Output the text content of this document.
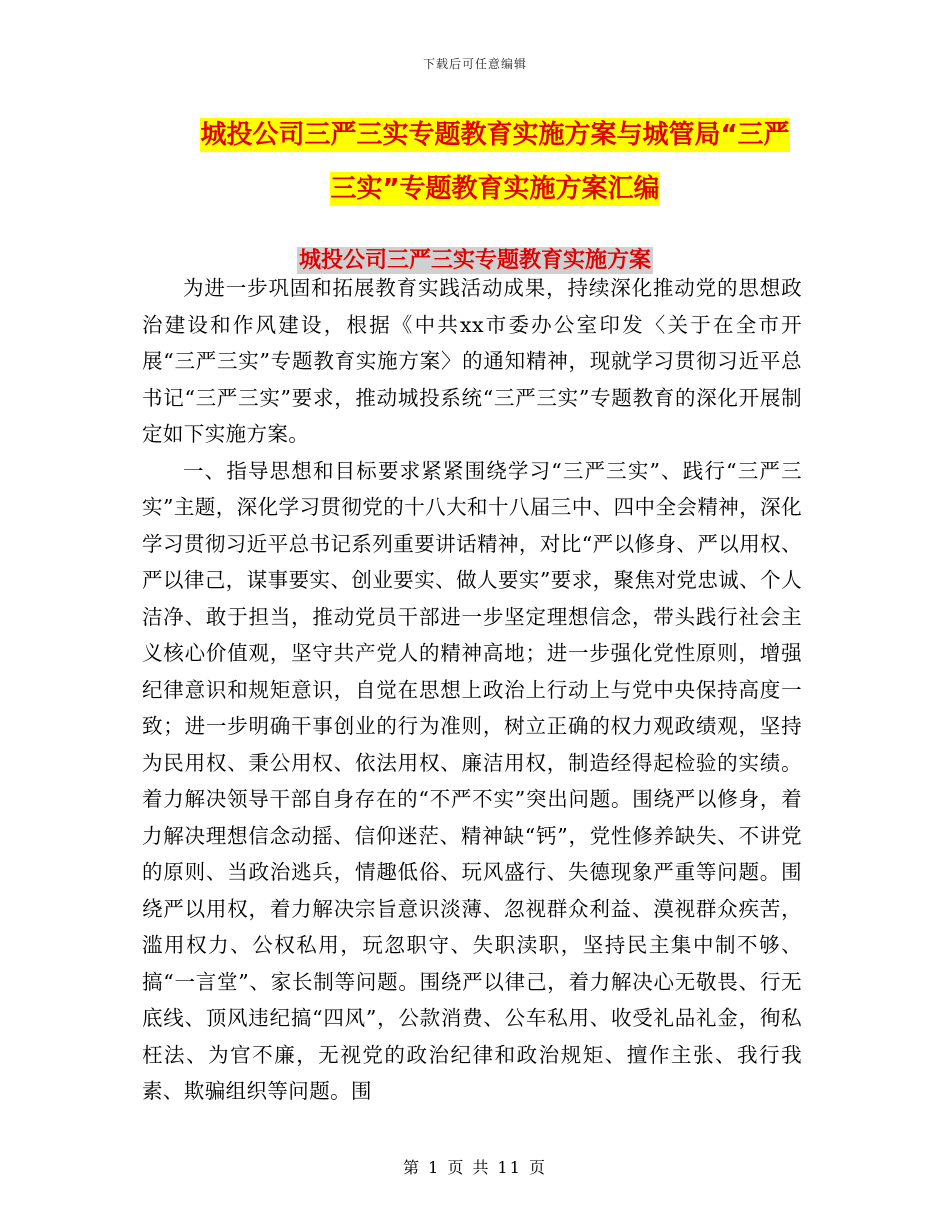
下载后可任意编辑
城投公司三严三实专题教育实施方案与城管局“三严
三实”专题教育实施方案汇编
城投公司三严三实专题教育实施方案

为进一步巩固和拓展教育实践活动成果，持续深化推动党的思想政治建设和作风建设，根据《中共xx市委办公室印发〈关于在全市开展“三严三实”专题教育实施方案〉的通知精神，现就学习贯彻习近平总书记“三严三实”要求，推动城投系统“三严三实”专题教育的深化开展制定如下实施方案。

一、指导思想和目标要求紧紧围绕学习“三严三实”、践行“三严三实”主题，深化学习贯彻党的十八大和十八届三中、四中全会精神，深化学习贯彻习近平总书记系列重要讲话精神，对比“严以修身、严以用权、严以律己，谋事要实、创业要实、做人要实”要求，聚焦对党忠诚、个人洁净、敢于担当，推动党员干部进一步坚定理想信念，带头践行社会主义核心价值观，坚守共产党人的精神高地；进一步强化党性原则，增强纪律意识和规矩意识，自觉在思想上政治上行动上与党中央保持高度一致；进一步明确干事创业的行为准则，树立正确的权力观政绩观，坚持为民用权、秉公用权、依法用权、廉洁用权，制造经得起检验的实绩。着力解决领导干部自身存在的“不严不实”突出问题。围绕严以修身，着力解决理想信念动摇、信仰迷茫、精神缺“钙”，党性修养缺失、不讲党的原则、当政治逃兵，情趣低俗、玩风盛行、失德现象严重等问题。围绕严以用权，着力解决宗旨意识淡薄、忽视群众利益、漠视群众疾苦，滥用权力、公权私用，玩忽职守、失职渎职，坚持民主集中制不够、搞“一言堂”、家长制等问题。围绕严以律己，着力解决心无敬畏、行无底线、顶风违纪搞“四风”，公款消费、公车私用、收受礼品礼金，徇私枉法、为官不廉，无视党的政治纪律和政治规矩、擅作主张、我行我素、欺骗组织等问题。围

第 1 页 共 11 页
